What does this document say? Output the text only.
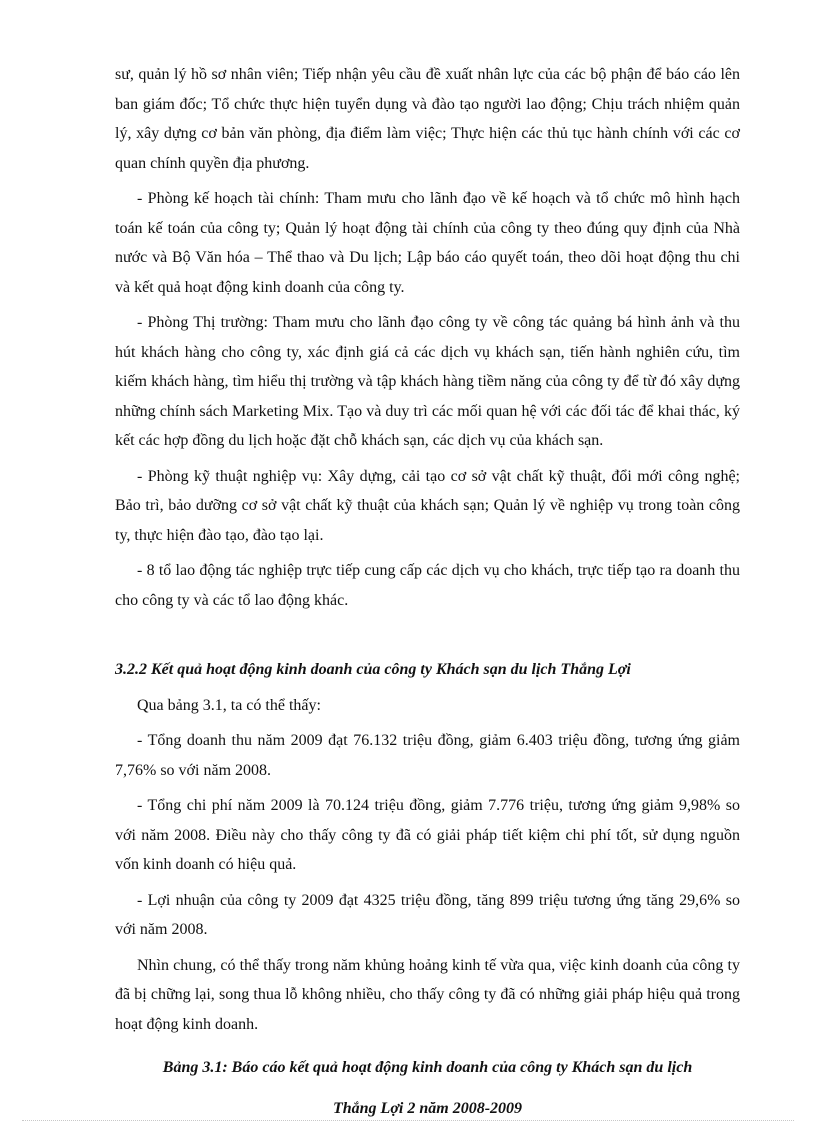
sư, quản lý hồ sơ nhân viên; Tiếp nhận yêu cầu đề xuất nhân lực của các bộ phận để báo cáo lên ban giám đốc; Tổ chức thực hiện tuyển dụng và đào tạo người lao động; Chịu trách nhiệm quản lý, xây dựng cơ bản văn phòng, địa điểm làm việc; Thực hiện các thủ tục hành chính với các cơ quan chính quyền địa phương.

- Phòng kế hoạch tài chính: Tham mưu cho lãnh đạo về kế hoạch và tổ chức mô hình hạch toán kế toán của công ty; Quản lý hoạt động tài chính của công ty theo đúng quy định của Nhà nước và Bộ Văn hóa – Thể thao và Du lịch; Lập báo cáo quyết toán, theo dõi hoạt động thu chi và kết quả hoạt động kinh doanh của công ty.

- Phòng Thị trường: Tham mưu cho lãnh đạo công ty về công tác quảng bá hình ảnh và thu hút khách hàng cho công ty, xác định giá cả các dịch vụ khách sạn, tiến hành nghiên cứu, tìm kiếm khách hàng, tìm hiểu thị trường và tập khách hàng tiềm năng của công ty để từ đó xây dựng những chính sách Marketing Mix. Tạo và duy trì các mối quan hệ với các đối tác để khai thác, ký kết các hợp đồng du lịch hoặc đặt chỗ khách sạn, các dịch vụ của khách sạn.

- Phòng kỹ thuật nghiệp vụ: Xây dựng, cải tạo cơ sở vật chất kỹ thuật, đổi mới công nghệ; Bảo trì, bảo dưỡng cơ sở vật chất kỹ thuật của khách sạn; Quản lý về nghiệp vụ trong toàn công ty, thực hiện đào tạo, đào tạo lại.

- 8 tổ lao động tác nghiệp trực tiếp cung cấp các dịch vụ cho khách, trực tiếp tạo ra doanh thu cho công ty và các tổ lao động khác.

3.2.2 Kết quả hoạt động kinh doanh của công ty Khách sạn du lịch Thắng Lợi

Qua bảng 3.1, ta có thể thấy:

- Tổng doanh thu năm 2009 đạt 76.132 triệu đồng, giảm 6.403 triệu đồng, tương ứng giảm 7,76% so với năm 2008.

- Tổng chi phí năm 2009 là 70.124 triệu đồng, giảm 7.776 triệu, tương ứng giảm 9,98% so với năm 2008. Điều này cho thấy công ty đã có giải pháp tiết kiệm chi phí tốt, sử dụng nguồn vốn kinh doanh có hiệu quả.

- Lợi nhuận của công ty 2009 đạt 4325 triệu đồng, tăng 899 triệu tương ứng tăng 29,6% so với năm 2008.

Nhìn chung, có thể thấy trong năm khủng hoảng kinh tế vừa qua, việc kinh doanh của công ty đã bị chững lại, song thua lỗ không nhiều, cho thấy công ty đã có những giải pháp hiệu quả trong hoạt động kinh doanh.

Bảng 3.1: Báo cáo kết quả hoạt động kinh doanh của công ty Khách sạn du lịch
Thắng Lợi 2 năm 2008-2009
